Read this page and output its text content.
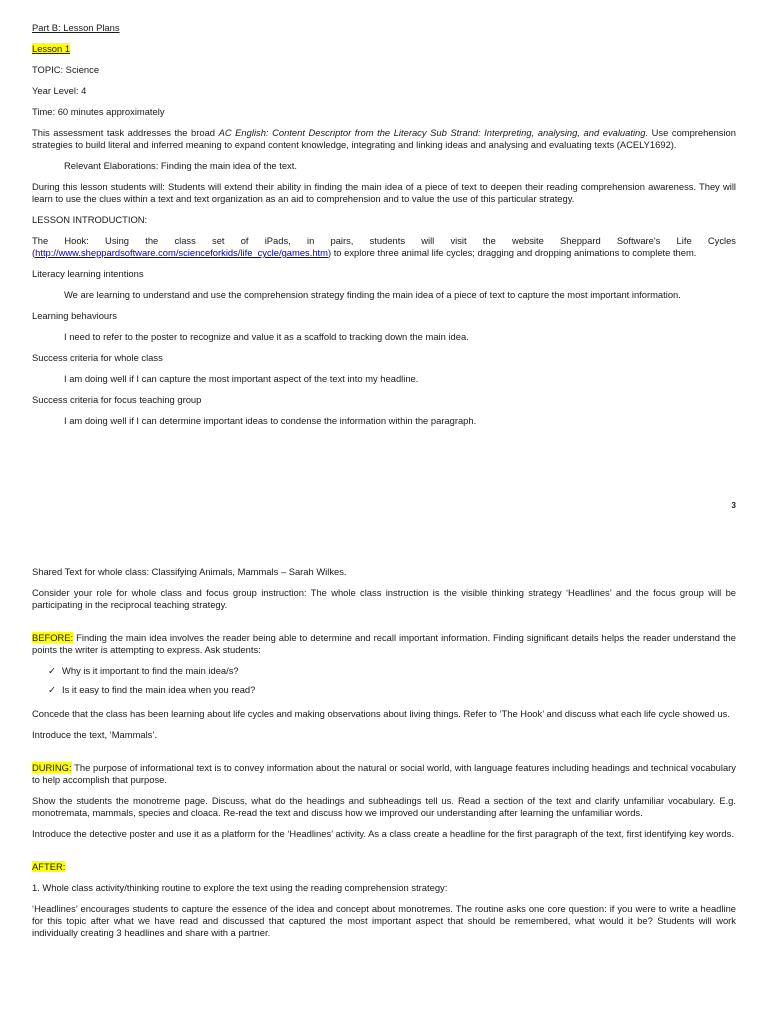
Part B: Lesson Plans

Lesson 1

TOPIC: Science

Year Level: 4

Time: 60 minutes approximately

This assessment task addresses the broad AC English: Content Descriptor from the Literacy Sub Strand: Interpreting, analysing, and evaluating. Use comprehension strategies to build literal and inferred meaning to expand content knowledge, integrating and linking ideas and analysing and evaluating texts (ACELY1692).

Relevant Elaborations: Finding the main idea of the text.

During this lesson students will: Students will extend their ability in finding the main idea of a piece of text to deepen their reading comprehension awareness. They will learn to use the clues within a text and text organization as an aid to comprehension and to value the use of this particular strategy.

LESSON INTRODUCTION:

The Hook: Using the class set of iPads, in pairs, students will visit the website Sheppard Software's Life Cycles (http://www.sheppardsoftware.com/scienceforkids/life_cycle/games.htm) to explore three animal life cycles; dragging and dropping animations to complete them.

Literacy learning intentions

We are learning to understand and use the comprehension strategy finding the main idea of a piece of text to capture the most important information.

Learning behaviours

I need to refer to the poster to recognize and value it as a scaffold to tracking down the main idea.

Success criteria for whole class

I am doing well if I can capture the most important aspect of the text into my headline.

Success criteria for focus teaching group

I am doing well if I can determine important ideas to condense the information within the paragraph.

3

Shared Text for whole class: Classifying Animals, Mammals – Sarah Wilkes.

Consider your role for whole class and focus group instruction: The whole class instruction is the visible thinking strategy ‘Headlines’ and the focus group will be participating in the reciprocal teaching strategy.

BEFORE: Finding the main idea involves the reader being able to determine and recall important information. Finding significant details helps the reader understand the points the writer is attempting to express. Ask students:

✓ Why is it important to find the main idea/s?
✓ Is it easy to find the main idea when you read?

Concede that the class has been learning about life cycles and making observations about living things. Refer to ‘The Hook’ and discuss what each life cycle showed us.

Introduce the text, ‘Mammals’.

DURING: The purpose of informational text is to convey information about the natural or social world, with language features including headings and technical vocabulary to help accomplish that purpose.

Show the students the monotreme page. Discuss, what do the headings and subheadings tell us. Read a section of the text and clarify unfamiliar vocabulary. E.g. monotremata, mammals, species and cloaca. Re-read the text and discuss how we improved our understanding after learning the unfamiliar words.

Introduce the detective poster and use it as a platform for the ‘Headlines’ activity. As a class create a headline for the first paragraph of the text, first identifying key words.

AFTER:

1. Whole class activity/thinking routine to explore the text using the reading comprehension strategy:

‘Headlines’ encourages students to capture the essence of the idea and concept about monotremes. The routine asks one core question: if you were to write a headline for this topic after what we have read and discussed that captured the most important aspect that should be remembered, what would it be? Students will work individually creating 3 headlines and share with a partner.
